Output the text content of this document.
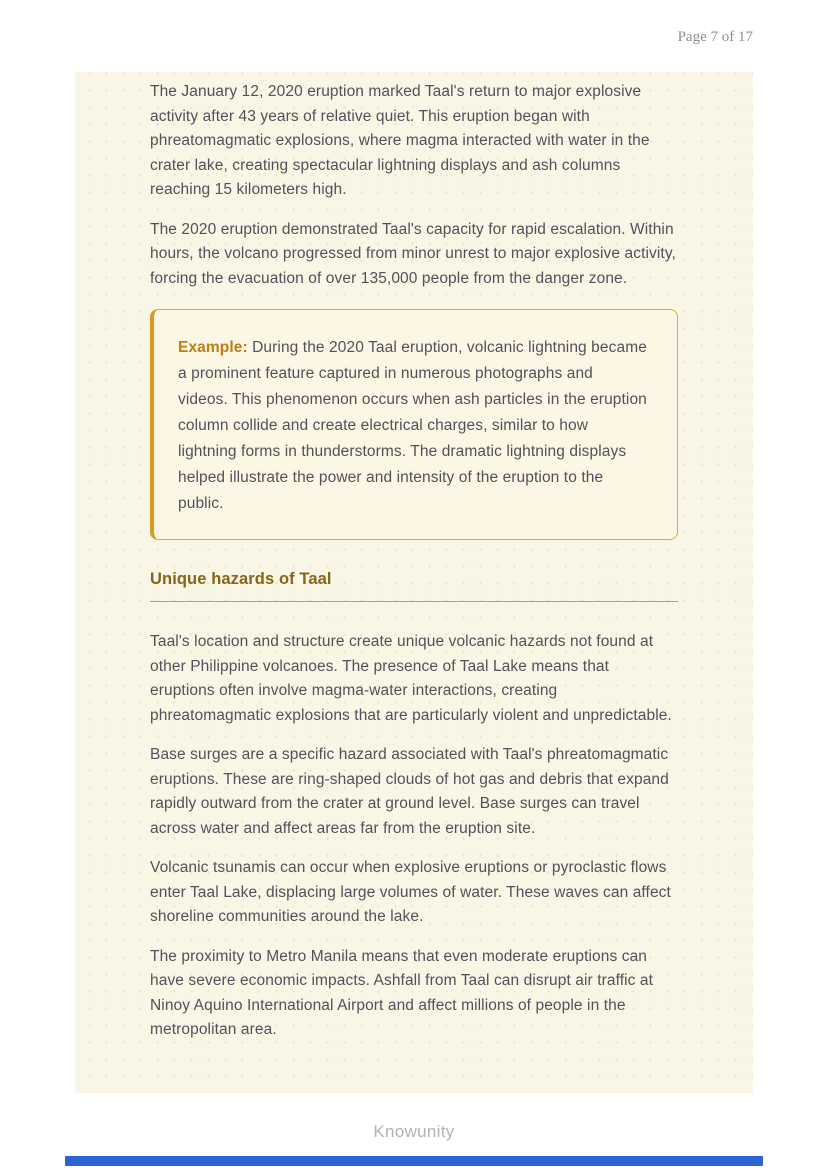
Page 7 of 17

The January 12, 2020 eruption marked Taal's return to major explosive activity after 43 years of relative quiet. This eruption began with phreatomagmatic explosions, where magma interacted with water in the crater lake, creating spectacular lightning displays and ash columns reaching 15 kilometers high.

The 2020 eruption demonstrated Taal's capacity for rapid escalation. Within hours, the volcano progressed from minor unrest to major explosive activity, forcing the evacuation of over 135,000 people from the danger zone.

Example: During the 2020 Taal eruption, volcanic lightning became a prominent feature captured in numerous photographs and videos. This phenomenon occurs when ash particles in the eruption column collide and create electrical charges, similar to how lightning forms in thunderstorms. The dramatic lightning displays helped illustrate the power and intensity of the eruption to the public.

Unique hazards of Taal

Taal's location and structure create unique volcanic hazards not found at other Philippine volcanoes. The presence of Taal Lake means that eruptions often involve magma-water interactions, creating phreatomagmatic explosions that are particularly violent and unpredictable.

Base surges are a specific hazard associated with Taal's phreatomagmatic eruptions. These are ring-shaped clouds of hot gas and debris that expand rapidly outward from the crater at ground level. Base surges can travel across water and affect areas far from the eruption site.

Volcanic tsunamis can occur when explosive eruptions or pyroclastic flows enter Taal Lake, displacing large volumes of water. These waves can affect shoreline communities around the lake.

The proximity to Metro Manila means that even moderate eruptions can have severe economic impacts. Ashfall from Taal can disrupt air traffic at Ninoy Aquino International Airport and affect millions of people in the metropolitan area.

Knowunity
